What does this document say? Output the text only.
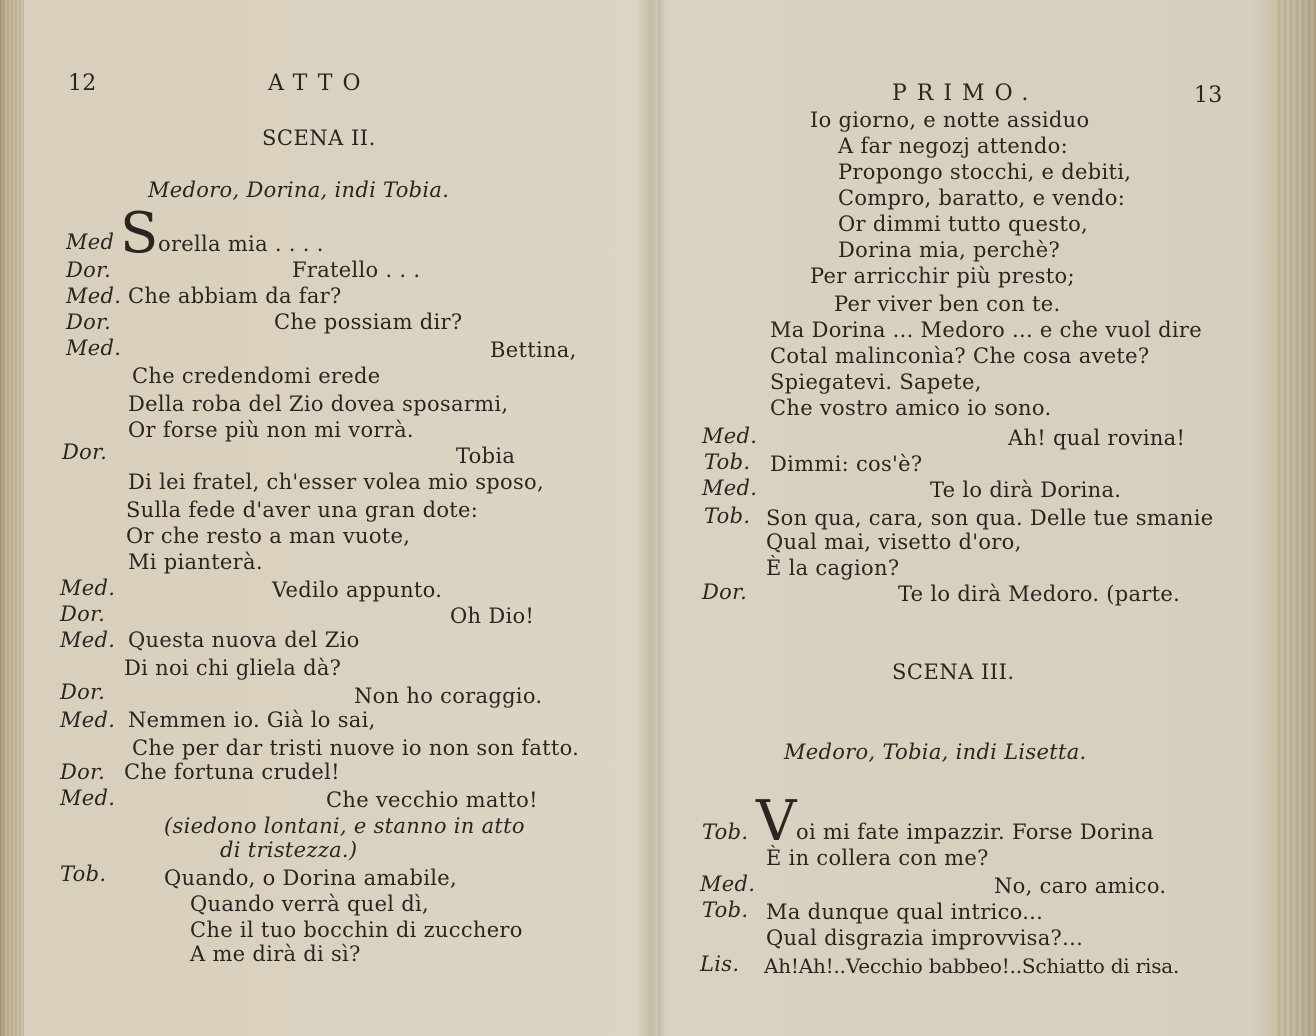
12	ATTO
SCENA II.
Medoro, Dorina, indi Tobia.
Med S orella mia . . . .
Dor.	Fratello . . .
Med. Che abbiam da far?
Dor.	Che possiam dir?
Med.	Bettina,
Che credendomi erede
Della roba del Zio dovea sposarmi,
Or forse più non mi vorrà.
Dor.	Tobia
Di lei fratel, ch'esser volea mio sposo,
Sulla fede d'aver una gran dote:
Or che resto a man vuote,
Mi pianterà.
Med.	Vedilo appunto.
Dor.	Oh Dio!
Med. Questa nuova del Zio
Di noi chi gliela dà?
Dor.	Non ho coraggio.
Med. Nemmen io. Già lo sai,
Che per dar tristi nuove io non son fatto.
Dor. Che fortuna crudel!
Med.	Che vecchio matto!
(siedono lontani, e stanno in atto
di tristezza.)
Tob.	Quando, o Dorina amabile,
Quando verrà quel dì,
Che il tuo bocchin di zucchero
A me dirà di sì?
PRIMO.	13
Io giorno, e notte assiduo
A far negozj attendo:
Propongo stocchi, e debiti,
Compro, baratto, e vendo:
Or dimmi tutto questo,
Dorina mia, perchè?
Per arricchir più presto;
Per viver ben con te.
Ma Dorina ... Medoro ... e che vuol dire
Cotal malinconìa? Che cosa avete?
Spiegatevi. Sapete,
Che vostro amico io sono.
Med.	Ah! qual rovina!
Tob. Dimmi: cos'è?
Med.	Te lo dirà Dorina.
Tob. Son qua, cara, son qua. Delle tue smanie
Qual mai, visetto d'oro,
È la cagion?
Dor.	Te lo dirà Medoro. (parte.
SCENA III.
Medoro, Tobia, indi Lisetta.
Tob. V oi mi fate impazzir. Forse Dorina
È in collera con me?
Med.	No, caro amico.
Tob. Ma dunque qual intrico...
Qual disgrazia improvvisa?...
Lis. Ah!Ah!..Vecchio babbeo!..Schiatto di risa.
